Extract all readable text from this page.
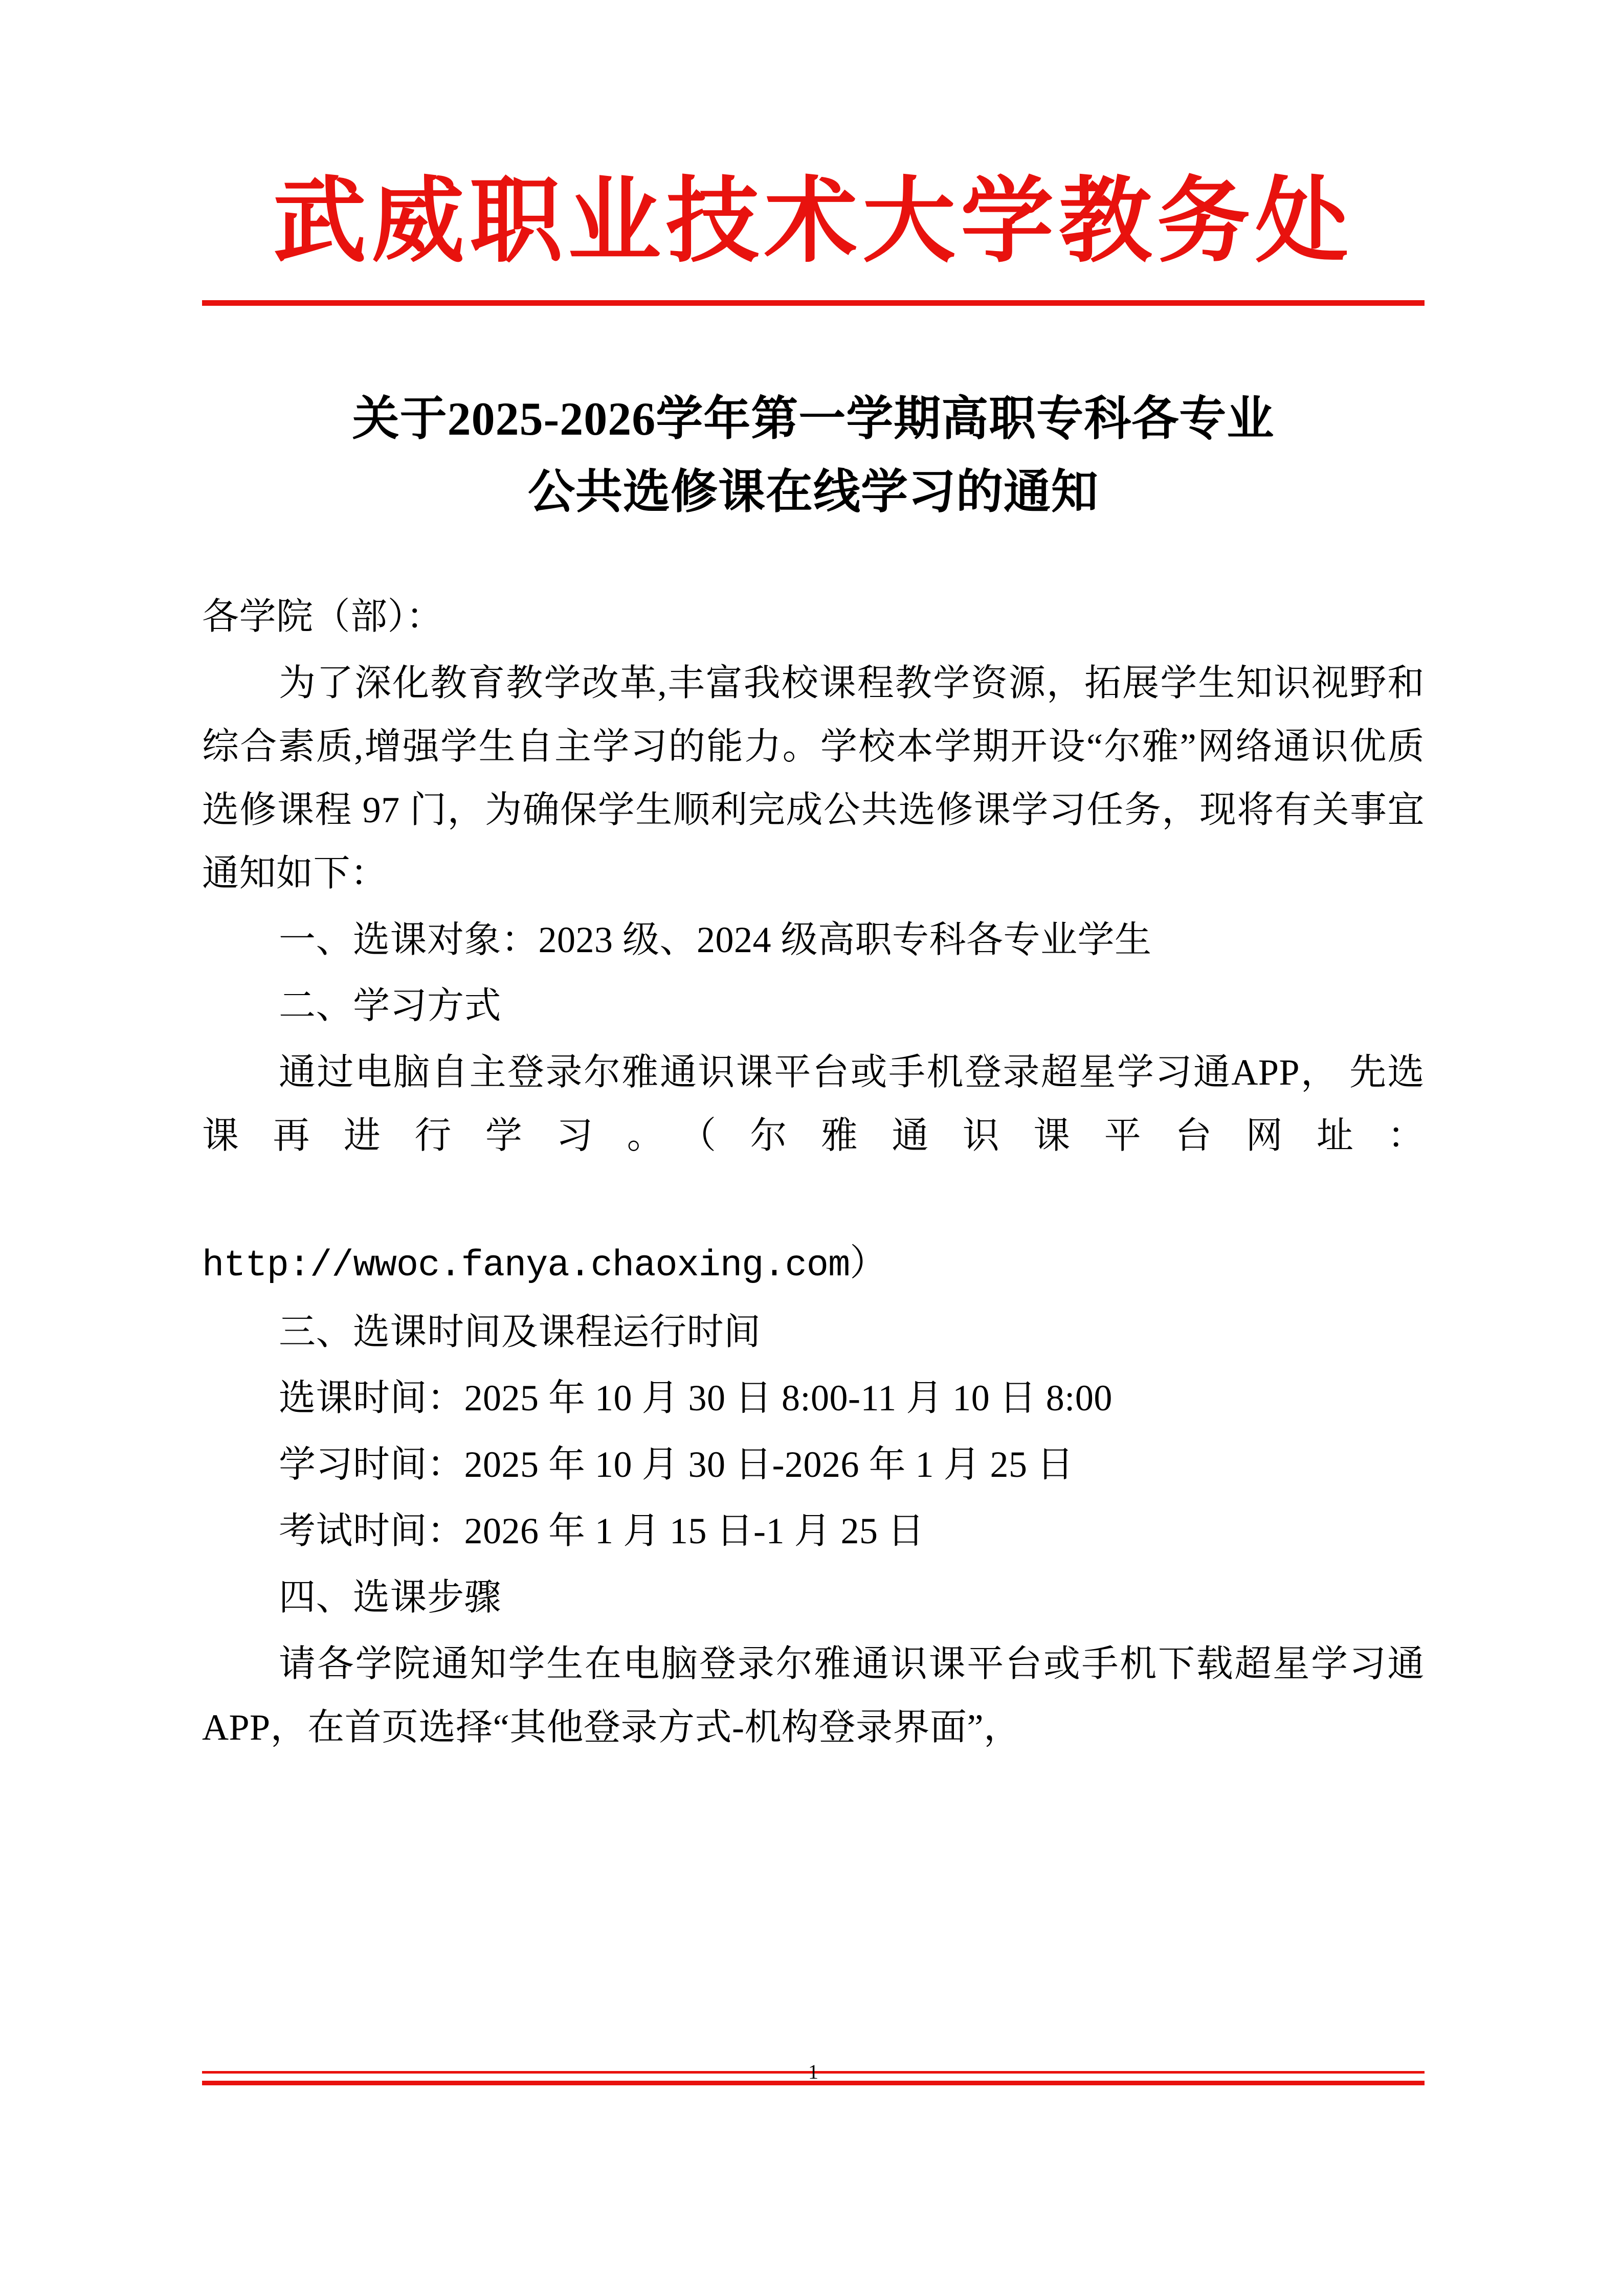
武威职业技术大学教务处
关于2025-2026学年第一学期高职专科各专业
公共选修课在线学习的通知

各学院（部）：

为了深化教育教学改革,丰富我校课程教学资源，拓展学生知识视野和综合素质,增强学生自主学习的能力。学校本学期开设“尔雅”网络通识优质选修课程 97 门，为确保学生顺利完成公共选修课学习任务，现将有关事宜通知如下：

一、选课对象：2023 级、2024 级高职专科各专业学生

二、学习方式

通过电脑自主登录尔雅通识课平台或手机登录超星学习通APP， 先选课再进行学习。（尔雅通识课平台网址：

http://wwoc.fanya.chaoxing.com）

三、选课时间及课程运行时间

选课时间：2025 年 10 月 30 日 8:00-11 月 10 日 8:00

学习时间：2025 年 10 月 30 日-2026 年 1 月 25 日

考试时间：2026 年 1 月 15 日-1 月 25 日

四、选课步骤

请各学院通知学生在电脑登录尔雅通识课平台或手机下载超星学习通 APP，在首页选择“其他登录方式-机构登录界面”，

1
